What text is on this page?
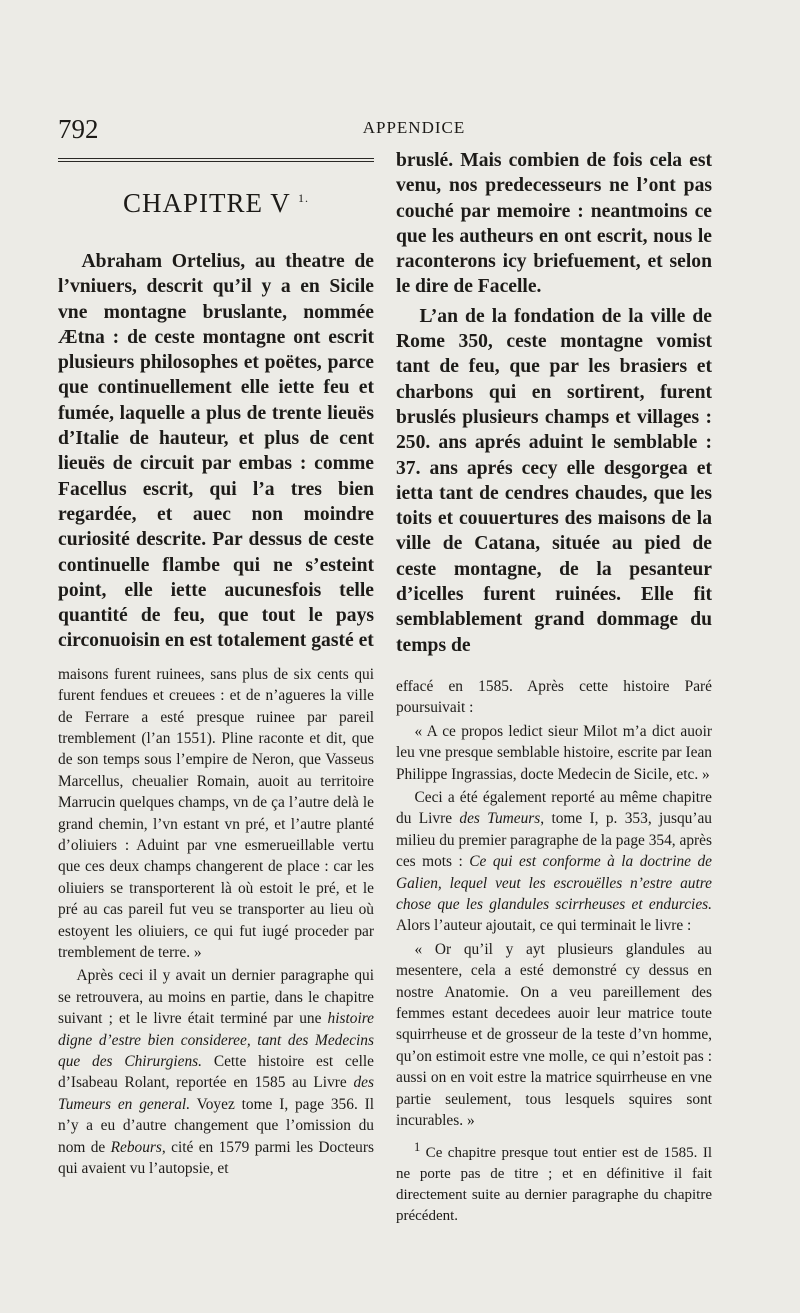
792	APPENDICE
CHAPITRE V $^{1.}$

Abraham Ortelius, au theatre de l’vniuers, descrit qu’il y a en Sicile vne montagne bruslante, nommée Ætna : de ceste montagne ont escrit plusieurs philosophes et poëtes, parce que continuellement elle iette feu et fumée, laquelle a plus de trente lieuës d’Italie de hauteur, et plus de cent lieuës de circuit par embas : comme Facellus escrit, qui l’a tres bien regardée, et auec non moindre curiosité descrite. Par dessus de ceste continuelle flambe qui ne s’esteint point, elle iette aucunesfois telle quantité de feu, que tout le pays circonuoisin en est totalement gasté et

maisons furent ruinees, sans plus de six cents qui furent fendues et creuees : et de n’agueres la ville de Ferrare a esté presque ruinee par pareil tremblement (l’an 1551). Pline raconte et dit, que de son temps sous l’empire de Neron, que Vasseus Marcellus, cheualier Romain, auoit au territoire Marrucin quelques champs, vn de ça l’autre delà le grand chemin, l’vn estant vn pré, et l’autre planté d’oliuiers : Aduint par vne esmerueillable vertu que ces deux champs changerent de place : car les oliuiers se transporterent là où estoit le pré, et le pré au cas pareil fut veu se transporter au lieu où estoyent les oliuiers, ce qui fut iugé proceder par tremblement de terre. »

Après ceci il y avait un dernier paragraphe qui se retrouvera, au moins en partie, dans le chapitre suivant ; et le livre était terminé par une histoire digne d’estre bien consideree, tant des Medecins que des Chirurgiens. Cette histoire est celle d’Isabeau Rolant, reportée en 1585 au Livre des Tumeurs en general. Voyez tome I, page 356. Il n’y a eu d’autre changement que l’omission du nom de Rebours, cité en 1579 parmi les Docteurs qui avaient vu l’autopsie, et

bruslé. Mais combien de fois cela est venu, nos predecesseurs ne l’ont pas couché par memoire : neantmoins ce que les autheurs en ont escrit, nous le raconterons icy briefuement, et selon le dire de Facelle.

L’an de la fondation de la ville de Rome 350, ceste montagne vomist tant de feu, que par les brasiers et charbons qui en sortirent, furent bruslés plusieurs champs et villages : 250. ans aprés aduint le semblable : 37. ans aprés cecy elle desgorgea et ietta tant de cendres chaudes, que les toits et couuertures des maisons de la ville de Catana, située au pied de ceste montagne, de la pesanteur d’icelles furent ruinées. Elle fit semblablement grand dommage du temps de

effacé en 1585. Après cette histoire Paré poursuivait :

« A ce propos ledict sieur Milot m’a dict auoir leu vne presque semblable histoire, escrite par Iean Philippe Ingrassias, docte Medecin de Sicile, etc. »

Ceci a été également reporté au même chapitre du Livre des Tumeurs, tome I, p. 353, jusqu’au milieu du premier paragraphe de la page 354, après ces mots : Ce qui est conforme à la doctrine de Galien, lequel veut les escrouëlles n’estre autre chose que les glandules scirrheuses et endurcies. Alors l’auteur ajoutait, ce qui terminait le livre :

« Or qu’il y ayt plusieurs glandules au mesentere, cela a esté demonstré cy dessus en nostre Anatomie. On a veu pareillement des femmes estant decedees auoir leur matrice toute squirrheuse et de grosseur de la teste d’vn homme, qu’on estimoit estre vne molle, ce qui n’estoit pas : aussi on en voit estre la matrice squirrheuse en vne partie seulement, tous lesquels squires sont incurables. »

$^1$ Ce chapitre presque tout entier est de 1585. Il ne porte pas de titre ; et en définitive il fait directement suite au dernier paragraphe du chapitre précédent.
